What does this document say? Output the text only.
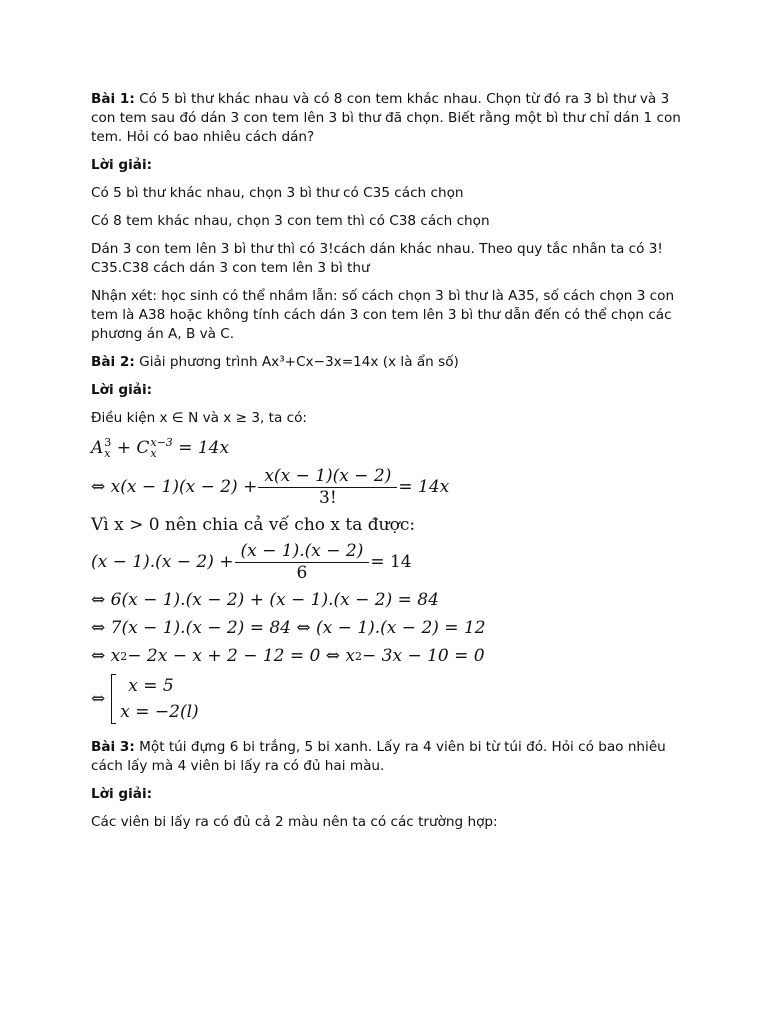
Bài 1: Có 5 bì thư khác nhau và có 8 con tem khác nhau. Chọn từ đó ra 3 bì thư và 3 con tem sau đó dán 3 con tem lên 3 bì thư đã chọn. Biết rằng một bì thư chỉ dán 1 con tem. Hỏi có bao nhiêu cách dán?

Lời giải:

Có 5 bì thư khác nhau, chọn 3 bì thư có C35 cách chọn

Có 8 tem khác nhau, chọn 3 con tem thì có C38 cách chọn

Dán 3 con tem lên 3 bì thư thì có 3!cách dán khác nhau. Theo quy tắc nhân ta có 3! C35.C38 cách dán 3 con tem lên 3 bì thư

Nhận xét: học sinh có thể nhầm lẫn: số cách chọn 3 bì thư là A35, số cách chọn 3 con tem là A38 hoặc không tính cách dán 3 con tem lên 3 bì thư dẫn đến có thể chọn các phương án A, B và C.

Bài 2: Giải phương trình Ax³+Cx−3x=14x (x là ẩn số)

Lời giải:

Điều kiện x ∈ N và x ≥ 3, ta có:

A 3
x
+
C x−3
x
	= 14x
⇔
$x(x - 1)(x - 2) + \frac{x(x - 1)(x - 2)}{3!} = 14x$
Vì x > 0 nên chia cả vế cho x ta được:
$(x - 1).(x - 2) + \frac{(x - 1).(x - 2)}{6} = 14$
⇔ 6(x − 1).(x − 2) + (x − 1).(x − 2) = 84
⇔ 7(x − 1).(x − 2) = 84 ⇔ (x − 1).(x − 2) = 12
⇔ x 2 − 2x − x + 2 − 12 = 0 ⇔ x 2 − 3x − 10 = 0
⇔
x = 5
x = −2(l)

Bài 3: Một túi đựng 6 bi trắng, 5 bi xanh. Lấy ra 4 viên bi từ túi đó. Hỏi có bao nhiêu cách lấy mà 4 viên bi lấy ra có đủ hai màu.

Lời giải:

Các viên bi lấy ra có đủ cả 2 màu nên ta có các trường hợp:
